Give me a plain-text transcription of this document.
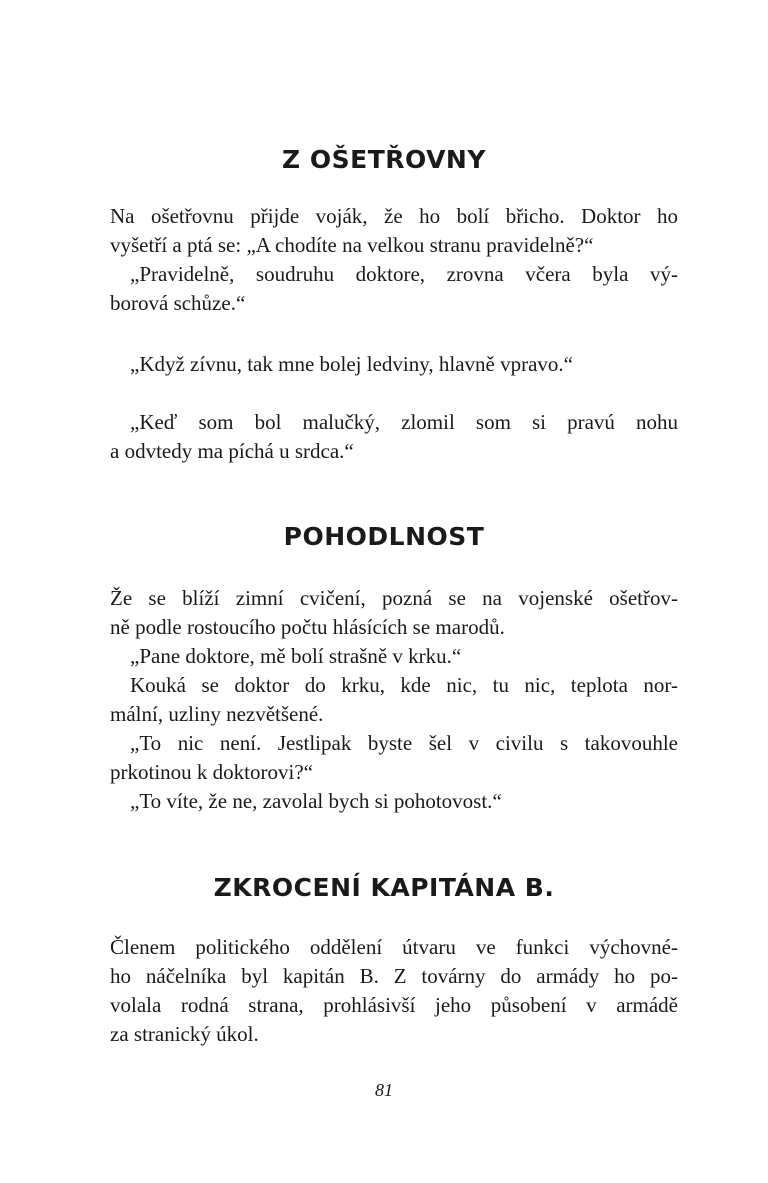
Z OŠETŘOVNY

Na ošetřovnu přijde voják, že ho bolí břicho. Doktor ho
vyšetří a ptá se: „A chodíte na velkou stranu pravidelně?“

„Pravidelně, soudruhu doktore, zrovna včera byla vý-
borová schůze.“

„Když zívnu, tak mne bolej ledviny, hlavně vpravo.“

„Keď som bol malučký, zlomil som si pravú nohu
a odvtedy ma píchá u srdca.“

POHODLNOST

Že se blíží zimní cvičení, pozná se na vojenské ošetřov-
ně podle rostoucího počtu hlásících se marodů.

„Pane doktore, mě bolí strašně v krku.“

Kouká se doktor do krku, kde nic, tu nic, teplota nor-
mální, uzliny nezvětšené.

„To nic není. Jestlipak byste šel v civilu s takovouhle
prkotinou k doktorovi?“

„To víte, že ne, zavolal bych si pohotovost.“

ZKROCENÍ KAPITÁNA B.

Členem politického oddělení útvaru ve funkci výchovné-
ho náčelníka byl kapitán B. Z továrny do armády ho po-
volala rodná strana, prohlásivší jeho působení v armádě
za stranický úkol.

81
